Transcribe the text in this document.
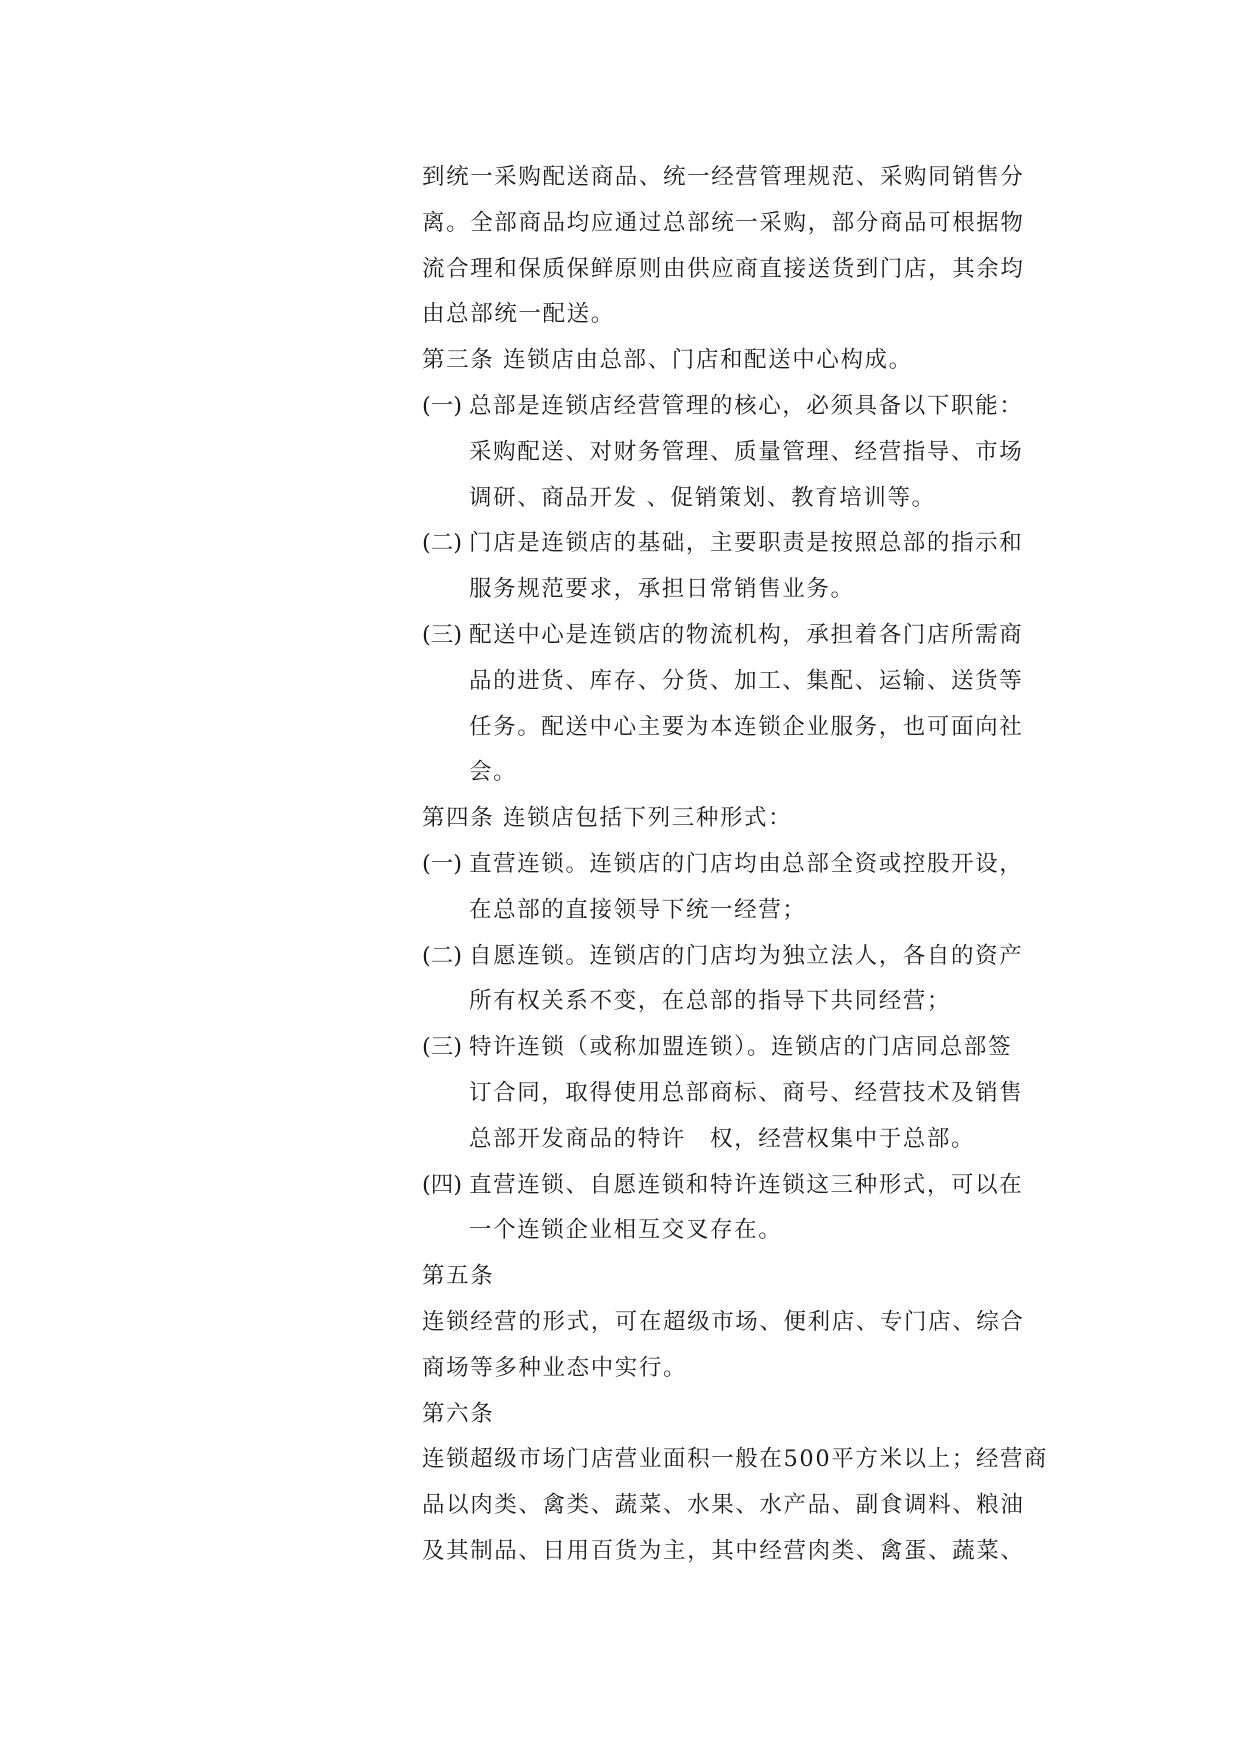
到统一采购配送商品、统一经营管理规范、采购同销售分
离。全部商品均应通过总部统一采购，部分商品可根据物
流合理和保质保鲜原则由供应商直接送货到门店，其余均
由总部统一配送。
第三条 连锁店由总部、门店和配送中心构成。
(一) 总部是连锁店经营管理的核心，必须具备以下职能：
采购配送、对财务管理、质量管理、经营指导、市场
调研、商品开发 、促销策划、教育培训等。
(二) 门店是连锁店的基础，主要职责是按照总部的指示和
服务规范要求，承担日常销售业务。
(三) 配送中心是连锁店的物流机构，承担着各门店所需商
品的进货、库存、分货、加工、集配、运输、送货等
任务。配送中心主要为本连锁企业服务，也可面向社
会。
第四条 连锁店包括下列三种形式：
(一) 直营连锁。连锁店的门店均由总部全资或控股开设，
在总部的直接领导下统一经营；
(二) 自愿连锁。连锁店的门店均为独立法人，各自的资产
所有权关系不变，在总部的指导下共同经营；
(三) 特许连锁（或称加盟连锁）。连锁店的门店同总部签
订合同，取得使用总部商标、商号、经营技术及销售
总部开发商品的特许　权，经营权集中于总部。
(四) 直营连锁、自愿连锁和特许连锁这三种形式，可以在
一个连锁企业相互交叉存在。
第五条
连锁经营的形式，可在超级市场、便利店、专门店、综合
商场等多种业态中实行。
第六条
连锁超级市场门店营业面积一般在500平方米以上；经营商
品以肉类、禽类、蔬菜、水果、水产品、副食调料、粮油
及其制品、日用百货为主，其中经营肉类、禽蛋、蔬菜、
